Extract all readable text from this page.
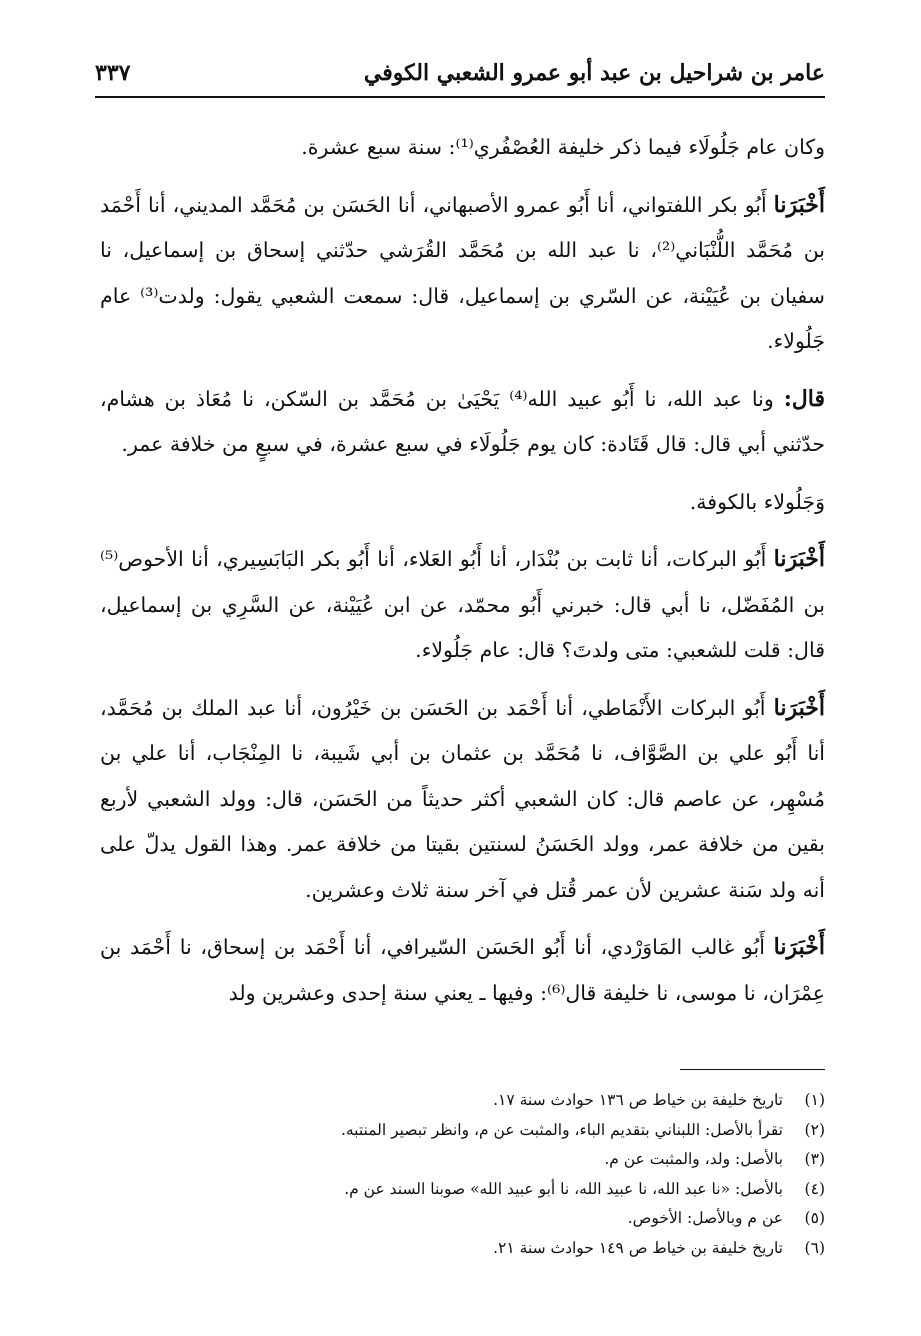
عامر بن شراحيل بن عبد أبو عمرو الشعبي الكوفي
٣٣٧

وكان عام جَلُولَاء فيما ذكر خليفة العُصْفُري⁽¹⁾: سنة سبع عشرة.

أَخْبَرَنا أَبُو بكر اللفتواني، أنا أَبُو عمرو الأصبهاني، أنا الحَسَن بن مُحَمَّد المديني، أنا أَحْمَد بن مُحَمَّد اللُّنْبَاني⁽²⁾، نا عبد الله بن مُحَمَّد القُرَشي حدّثني إسحاق بن إسماعيل، نا سفيان بن عُيَيْنة، عن السّري بن إسماعيل، قال: سمعت الشعبي يقول: ولدت⁽³⁾ عام جَلُولاء.

قال: ونا عبد الله، نا أَبُو عبيد الله⁽⁴⁾ يَحْيَىٰ بن مُحَمَّد بن السّكن، نا مُعَاذ بن هشام، حدّثني أبي قال: قال قَتَادة: كان يوم جَلُولَاء في سبع عشرة، في سبعٍ من خلافة عمر.

وَجَلُولاء بالكوفة.

أَخْبَرَنا أَبُو البركات، أنا ثابت بن بُنْدَار، أنا أَبُو العَلاء، أنا أَبُو بكر البَابَسِيري، أنا الأحوص⁽⁵⁾ بن المُفَضّل، نا أبي قال: خبرني أَبُو محمّد، عن ابن عُيَيْنة، عن السَّرِي بن إسماعيل، قال: قلت للشعبي: متى ولدتَ؟ قال: عام جَلُولاء.

أَخْبَرَنا أَبُو البركات الأَنْمَاطي، أنا أَحْمَد بن الحَسَن بن خَيْرُون، أنا عبد الملك بن مُحَمَّد، أنا أَبُو علي بن الصَّوَّاف، نا مُحَمَّد بن عثمان بن أبي شَيبة، نا المِنْجَاب، أنا علي بن مُسْهِر، عن عاصم قال: كان الشعبي أكثر حديثاً من الحَسَن، قال: وولد الشعبي لأربع بقين من خلافة عمر، وولد الحَسَنُ لسنتين بقيتا من خلافة عمر. وهذا القول يدلّ على أنه ولد سَنة عشرين لأن عمر قُتل في آخر سنة ثلاث وعشرين.

أَخْبَرَنا أَبُو غالب المَاوَرْدي، أنا أَبُو الحَسَن السّيرافي، أنا أَحْمَد بن إسحاق، نا أَحْمَد بن عِمْرَان، نا موسى، نا خليفة قال⁽⁶⁾: وفيها ـ يعني سنة إحدى وعشرين ولد

(١)تاريخ خليفة بن خياط ص ١٣٦ حوادث سنة ١٧.
(٢)تقرأ بالأصل: اللبناني بتقديم الباء، والمثبت عن م، وانظر تبصير المنتبه.
(٣)بالأصل: ولد، والمثبت عن م.
(٤)بالأصل: «نا عبد الله، نا عبيد الله، نا أبو عبيد الله» صوبنا السند عن م.
(٥)عن م وبالأصل: الأخوص.
(٦)تاريخ خليفة بن خياط ص ١٤٩ حوادث سنة ٢١.
